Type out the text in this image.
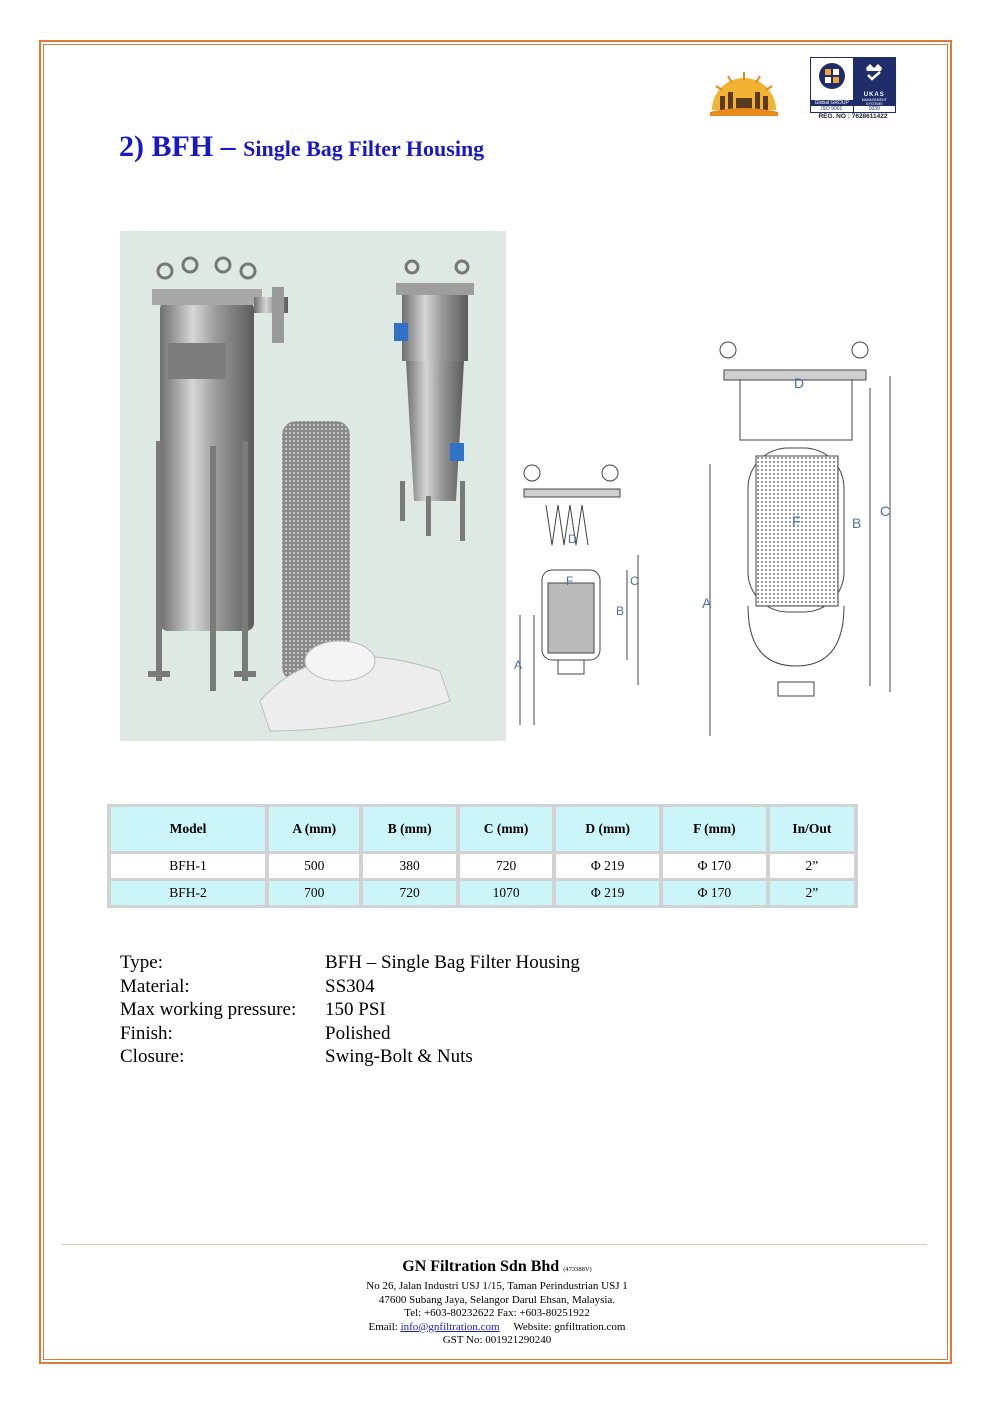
Global GROUP
ISO 9001
UKAS
MANAGEMENT SYSTEMS
0039
REG. NO : 7628611422
2) BFH – Single Bag Filter Housing
A
B
C
D
F
A
B
C
D
F
Model	A (mm)	B (mm)	C (mm)	D (mm)	F (mm)	In/Out
BFH-1	500	380	720	Φ 219	Φ 170	2”
BFH-2	700	720	1070	Φ 219	Φ 170	2”
Type:	BFH – Single Bag Filter Housing
Material:	SS304
Max working pressure:	150 PSI
Finish:	Polished
Closure:	Swing-Bolt & Nuts
GN Filtration Sdn Bhd (473388V)
No 26, Jalan Industri USJ 1/15, Taman Perindustrian USJ 1
47600 Subang Jaya, Selangor Darul Ehsan, Malaysia.
Tel: +603-80232622 Fax: +603-80251922
Email: info@gnfiltration.com Website: gnfiltration.com
GST No: 001921290240
